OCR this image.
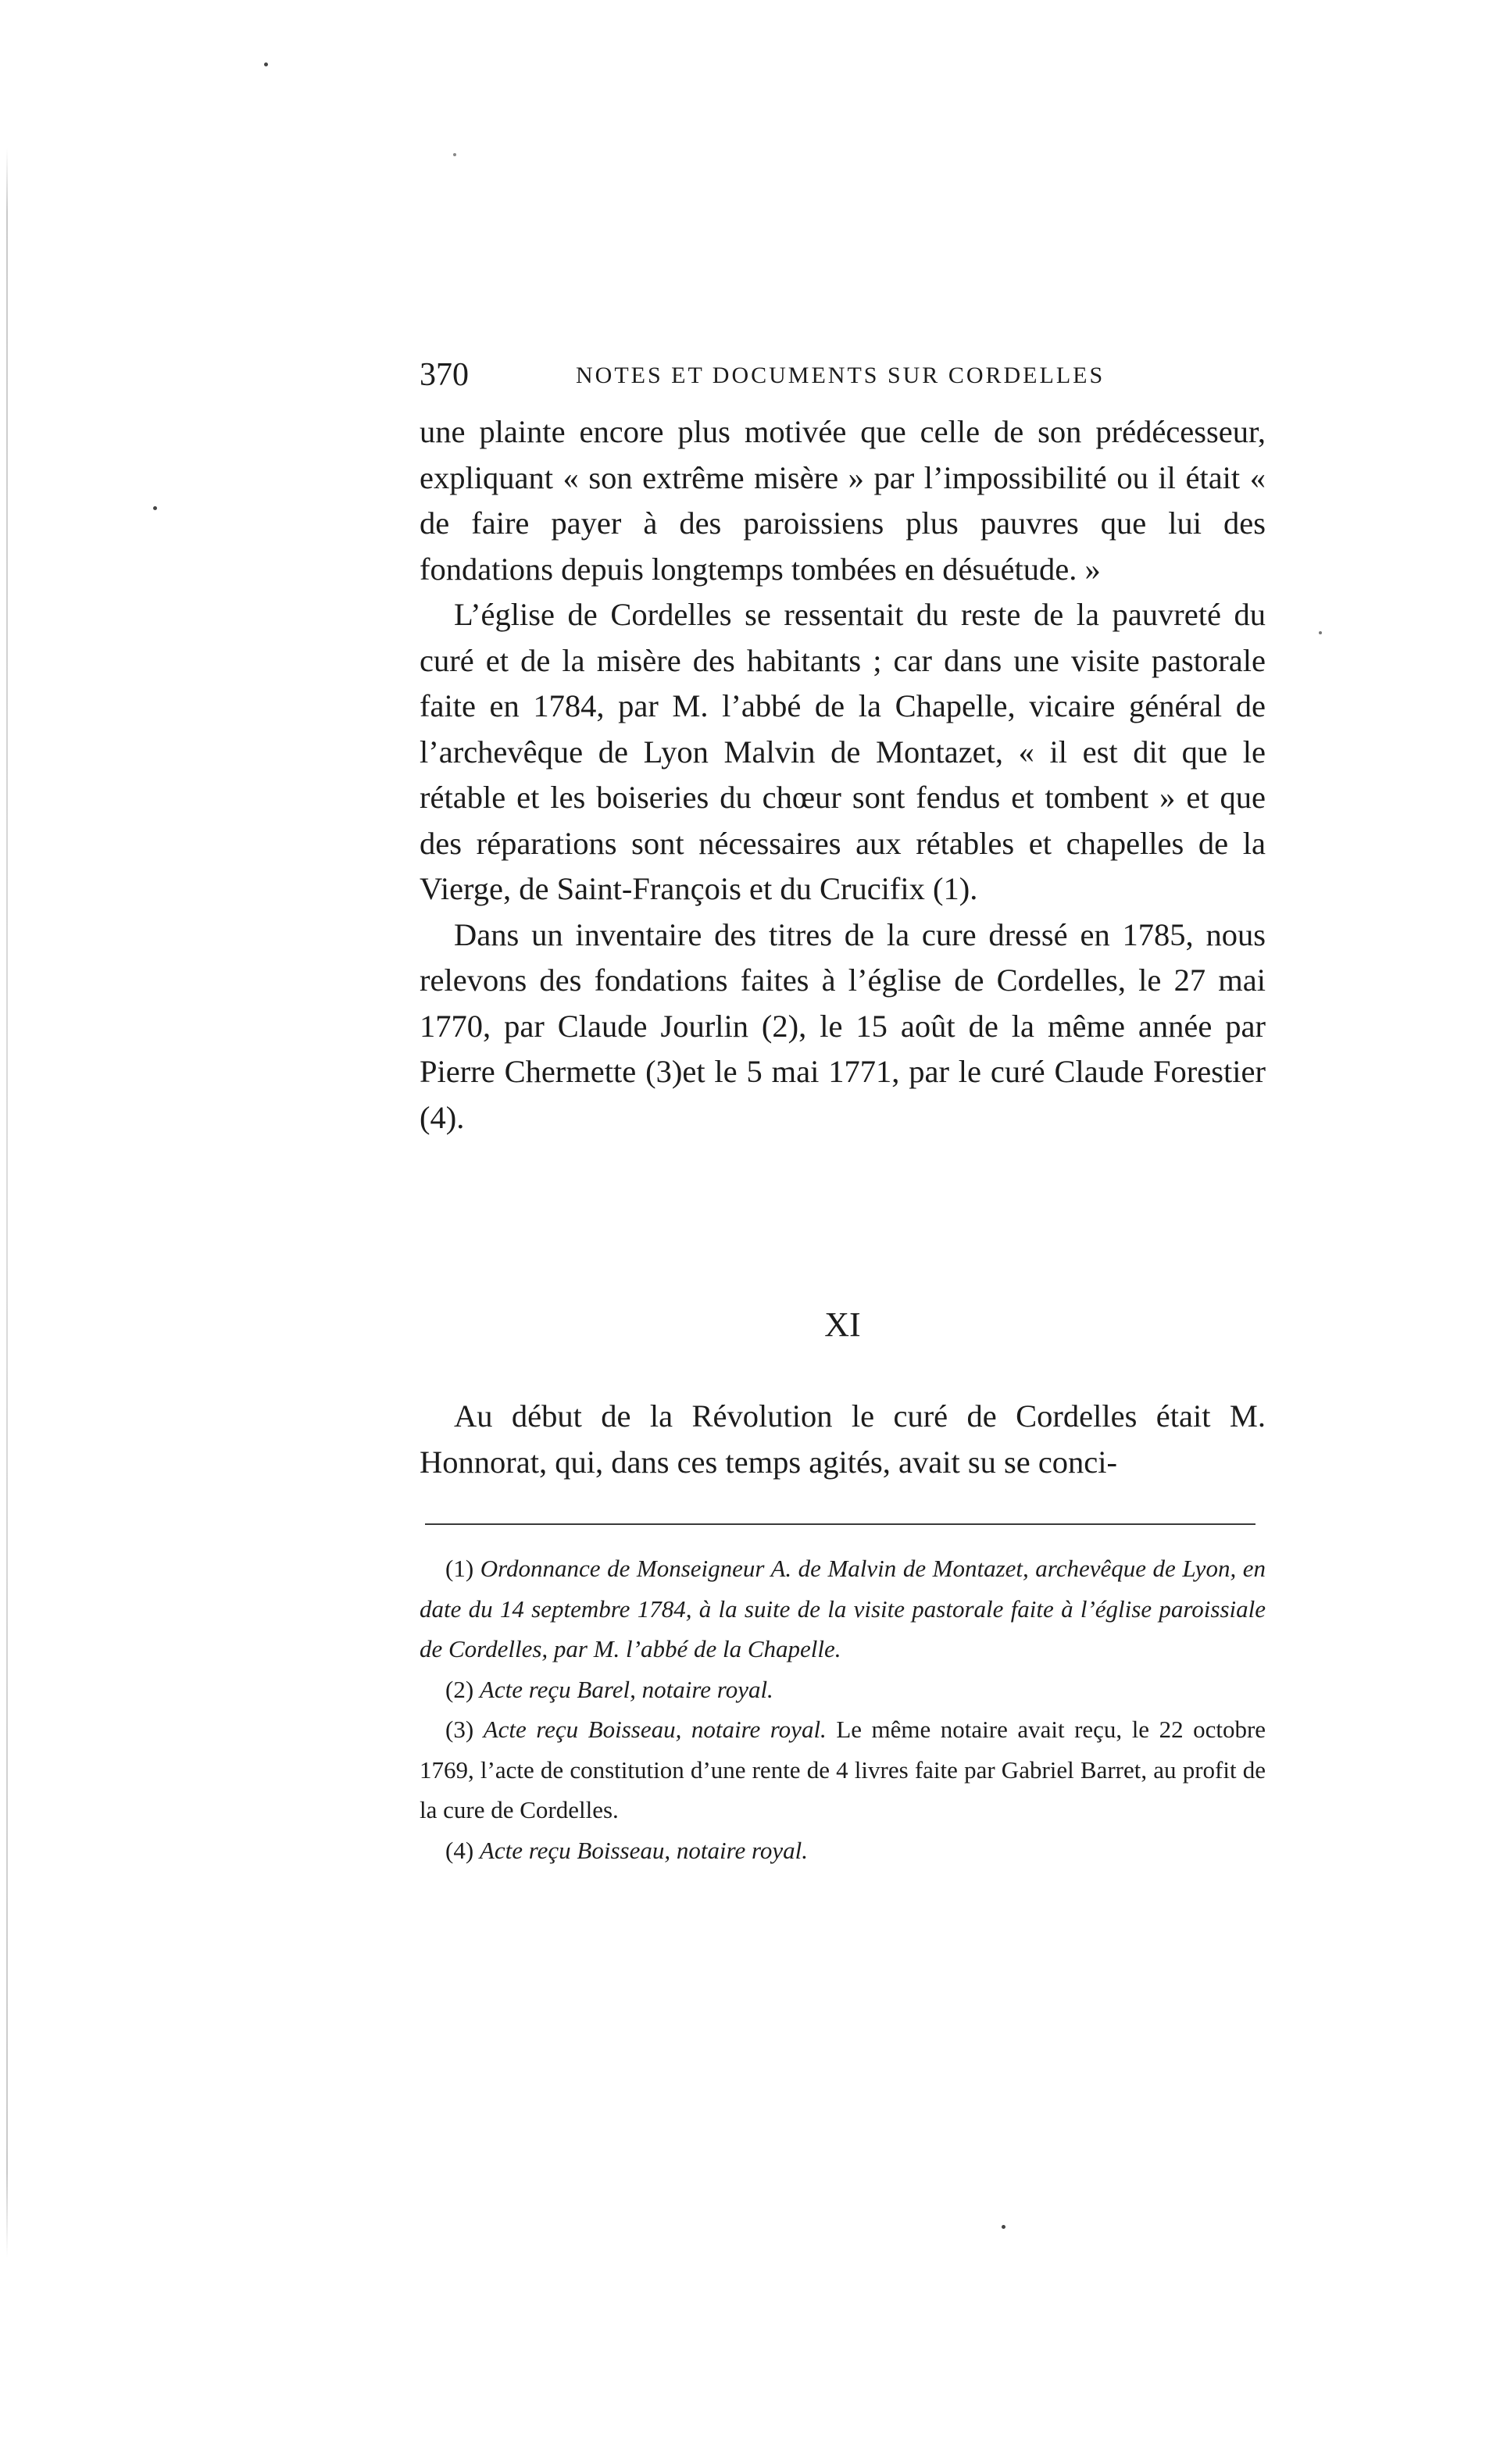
370	NOTES ET DOCUMENTS SUR CORDELLES

une plainte encore plus motivée que celle de son prédécesseur, expliquant « son extrême misère » par l’impossibilité ou il était « de faire payer à des paroissiens plus pauvres que lui des fondations depuis longtemps tombées en désuétude. »

L’église de Cordelles se ressentait du reste de la pauvreté du curé et de la misère des habitants ; car dans une visite pastorale faite en 1784, par M. l’abbé de la Chapelle, vicaire général de l’archevêque de Lyon Malvin de Montazet, « il est dit que le rétable et les boiseries du chœur sont fendus et tombent » et que des réparations sont nécessaires aux rétables et chapelles de la Vierge, de Saint-François et du Crucifix (1).

Dans un inventaire des titres de la cure dressé en 1785, nous relevons des fondations faites à l’église de Cordelles, le 27 mai 1770, par Claude Jourlin (2), le 15 août de la même année par Pierre Chermette (3)et le 5 mai 1771, par le curé Claude Forestier (4).

XI

Au début de la Révolution le curé de Cordelles était M. Honnorat, qui, dans ces temps agités, avait su se conci-

(1) Ordonnance de Monseigneur A. de Malvin de Montazet, archevêque de Lyon, en date du 14 septembre 1784, à la suite de la visite pastorale faite à l’église paroissiale de Cordelles, par M. l’abbé de la Chapelle.

(2) Acte reçu Barel, notaire royal.

(3) Acte reçu Boisseau, notaire royal. Le même notaire avait reçu, le 22 octobre 1769, l’acte de constitution d’une rente de 4 livres faite par Gabriel Barret, au profit de la cure de Cordelles.

(4) Acte reçu Boisseau, notaire royal.
